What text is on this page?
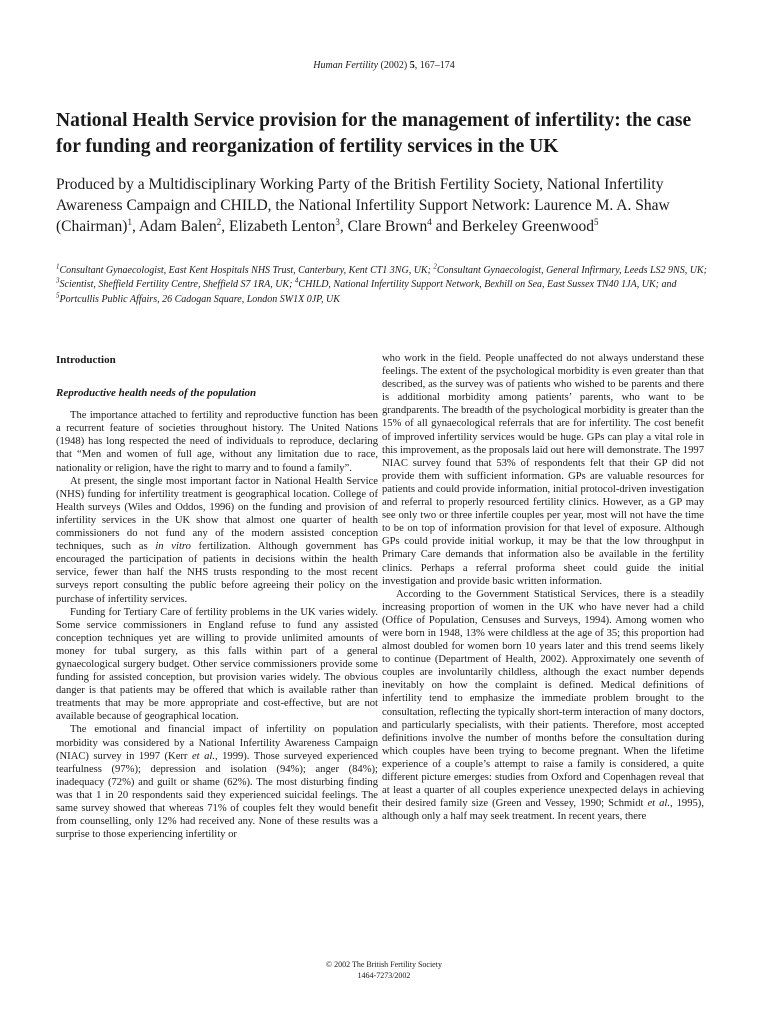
Human Fertility (2002) 5, 167–174
National Health Service provision for the management of infertility: the case for funding and reorganization of fertility services in the UK
Produced by a Multidisciplinary Working Party of the British Fertility Society, National Infertility Awareness Campaign and CHILD, the National Infertility Support Network: Laurence M. A. Shaw (Chairman)$^1$, Adam Balen$^2$, Elizabeth Lenton$^3$, Clare Brown$^4$ and Berkeley Greenwood$^5$
$^1$Consultant Gynaecologist, East Kent Hospitals NHS Trust, Canterbury, Kent CT1 3NG, UK; $^2$Consultant Gynaecologist, General Infirmary, Leeds LS2 9NS, UK; $^3$Scientist, Sheffield Fertility Centre, Sheffield S7 1RA, UK; $^4$CHILD, National Infertility Support Network, Bexhill on Sea, East Sussex TN40 1JA, UK; and $^5$Portcullis Public Affairs, 26 Cadogan Square, London SW1X 0JP, UK
Introduction
Reproductive health needs of the population

The importance attached to fertility and reproductive function has been a recurrent feature of societies throughout history. The United Nations (1948) has long respected the need of individuals to reproduce, declaring that “Men and women of full age, without any limitation due to race, nationality or religion, have the right to marry and to found a family”.

At present, the single most important factor in National Health Service (NHS) funding for infertility treatment is geographical location. College of Health surveys (Wiles and Oddos, 1996) on the funding and provision of infertility services in the UK show that almost one quarter of health commissioners do not fund any of the modern assisted conception techniques, such as in vitro fertilization. Although government has encouraged the participation of patients in decisions within the health service, fewer than half the NHS trusts responding to the most recent surveys report consulting the public before agreeing their policy on the purchase of infertility services.

Funding for Tertiary Care of fertility problems in the UK varies widely. Some service commissioners in England refuse to fund any assisted conception techniques yet are willing to provide unlimited amounts of money for tubal surgery, as this falls within part of a general gynaecological surgery budget. Other service commissioners provide some funding for assisted conception, but provision varies widely. The obvious danger is that patients may be offered that which is available rather than treatments that may be more appropriate and cost-effective, but are not available because of geographical location.

The emotional and financial impact of infertility on population morbidity was considered by a National Infertility Awareness Campaign (NIAC) survey in 1997 (Kerr et al., 1999). Those surveyed experienced tearfulness (97%); depression and isolation (94%); anger (84%); inadequacy (72%) and guilt or shame (62%). The most disturbing finding was that 1 in 20 respondents said they experienced suicidal feelings. The same survey showed that whereas 71% of couples felt they would benefit from counselling, only 12% had received any. None of these results was a surprise to those experiencing infertility or

who work in the field. People unaffected do not always understand these feelings. The extent of the psychological morbidity is even greater than that described, as the survey was of patients who wished to be parents and there is additional morbidity among patients’ parents, who want to be grandparents. The breadth of the psychological morbidity is greater than the 15% of all gynaecological referrals that are for infertility. The cost benefit of improved infertility services would be huge. GPs can play a vital role in this improvement, as the proposals laid out here will demonstrate. The 1997 NIAC survey found that 53% of respondents felt that their GP did not provide them with sufficient information. GPs are valuable resources for patients and could provide information, initial protocol-driven investigation and referral to properly resourced fertility clinics. However, as a GP may see only two or three infertile couples per year, most will not have the time to be on top of information provision for that level of exposure. Although GPs could provide initial workup, it may be that the low throughput in Primary Care demands that information also be available in the fertility clinics. Perhaps a referral proforma sheet could guide the initial investigation and provide basic written information.

According to the Government Statistical Services, there is a steadily increasing proportion of women in the UK who have never had a child (Office of Population, Censuses and Surveys, 1994). Among women who were born in 1948, 13% were childless at the age of 35; this proportion had almost doubled for women born 10 years later and this trend seems likely to continue (Department of Health, 2002). Approximately one seventh of couples are involuntarily childless, although the exact number depends inevitably on how the complaint is defined. Medical definitions of infertility tend to emphasize the immediate problem brought to the consultation, reflecting the typically short-term interaction of many doctors, and particularly specialists, with their patients. Therefore, most accepted definitions involve the number of months before the consultation during which couples have been trying to become pregnant. When the lifetime experience of a couple’s attempt to raise a family is considered, a quite different picture emerges: studies from Oxford and Copenhagen reveal that at least a quarter of all couples experience unexpected delays in achieving their desired family size (Green and Vessey, 1990; Schmidt et al., 1995), although only a half may seek treatment. In recent years, there

© 2002 The British Fertility Society
1464-7273/2002
